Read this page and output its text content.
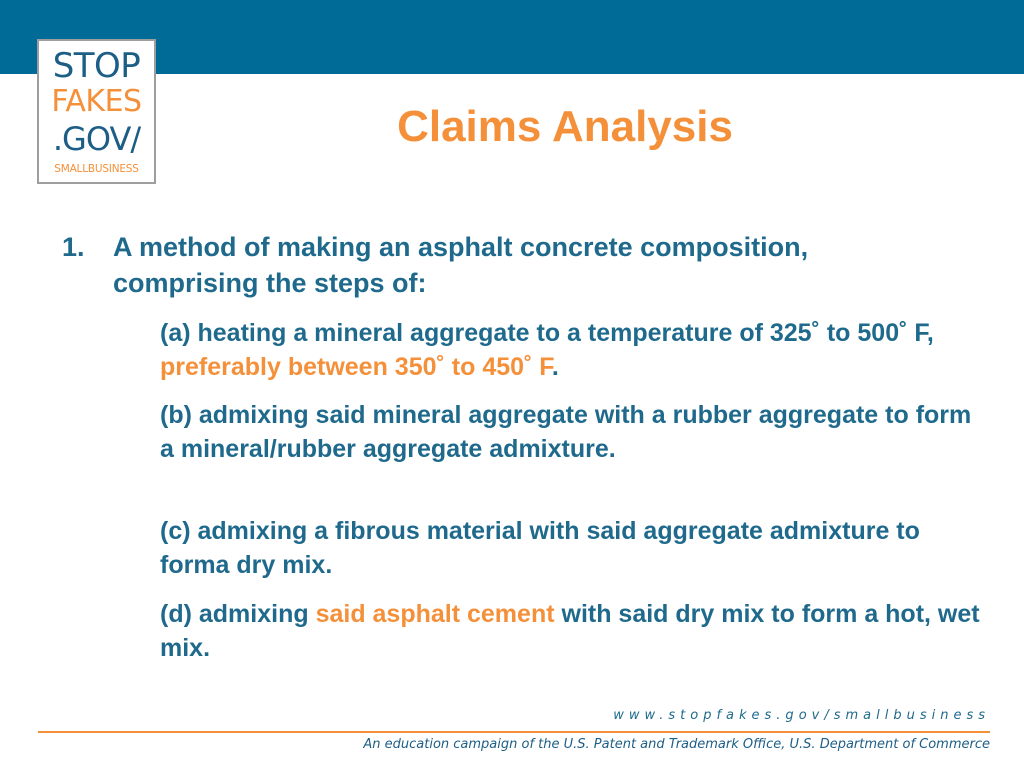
STOP
FAKES
.GOV/
SMALLBUSINESS
Claims Analysis
1. A method of making an asphalt concrete composition, comprising the steps of:
(a) heating a mineral aggregate to a temperature of 325˚ to 500˚ F, preferably between 350˚ to 450˚ F.
(b) admixing said mineral aggregate with a rubber aggregate to form a mineral/rubber aggregate admixture.
(c) admixing a fibrous material with said aggregate admixture to forma dry mix.
(d) admixing said asphalt cement with said dry mix to form a hot, wet mix.
www.stopfakes.gov/smallbusiness
An education campaign of the U.S. Patent and Trademark Office, U.S. Department of Commerce
